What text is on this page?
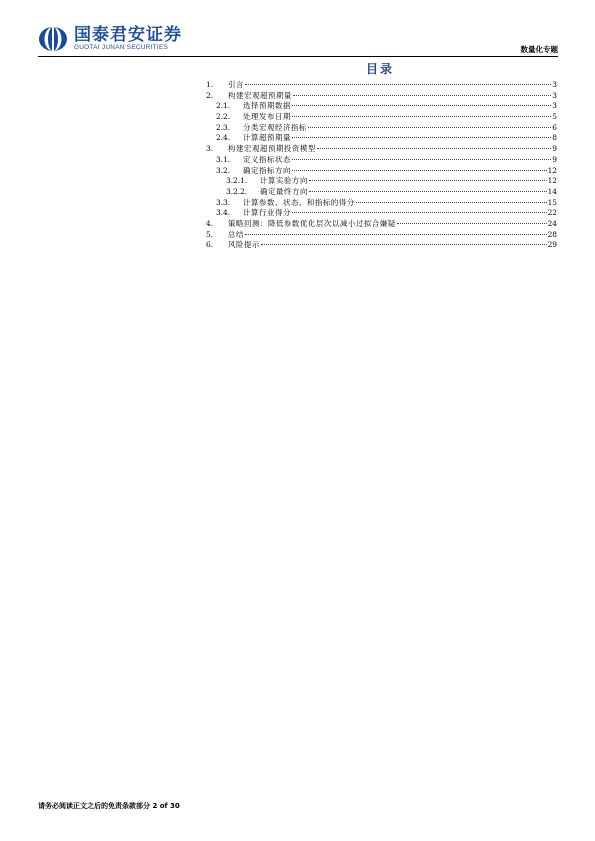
国泰君安证券
GUOTAI JUNAN SECURITIES	数量化专题
目录
1.	引言	3
2.	构建宏观超预期量	3
2.1.	选择预期数据	3
2.2.	处理发布日期	5
2.3.	分类宏观经济指标	6
2.4.	计算超预期量	8
3.	构建宏观超预期投资模型	9
3.1.	定义指标状态	9
3.2.	确定指标方向	12
3.2.1.	计算实验方向	12
3.2.2.	确定最终方向	14
3.3.	计算参数、状态、和指标的得分	15
3.4.	计算行业得分	22
4.	策略回测：降低参数优化层次以减小过拟合嫌疑	24
5.	总结	28
6.	风险提示	29
请务必阅读正文之后的免责条款部分 2 of 30
